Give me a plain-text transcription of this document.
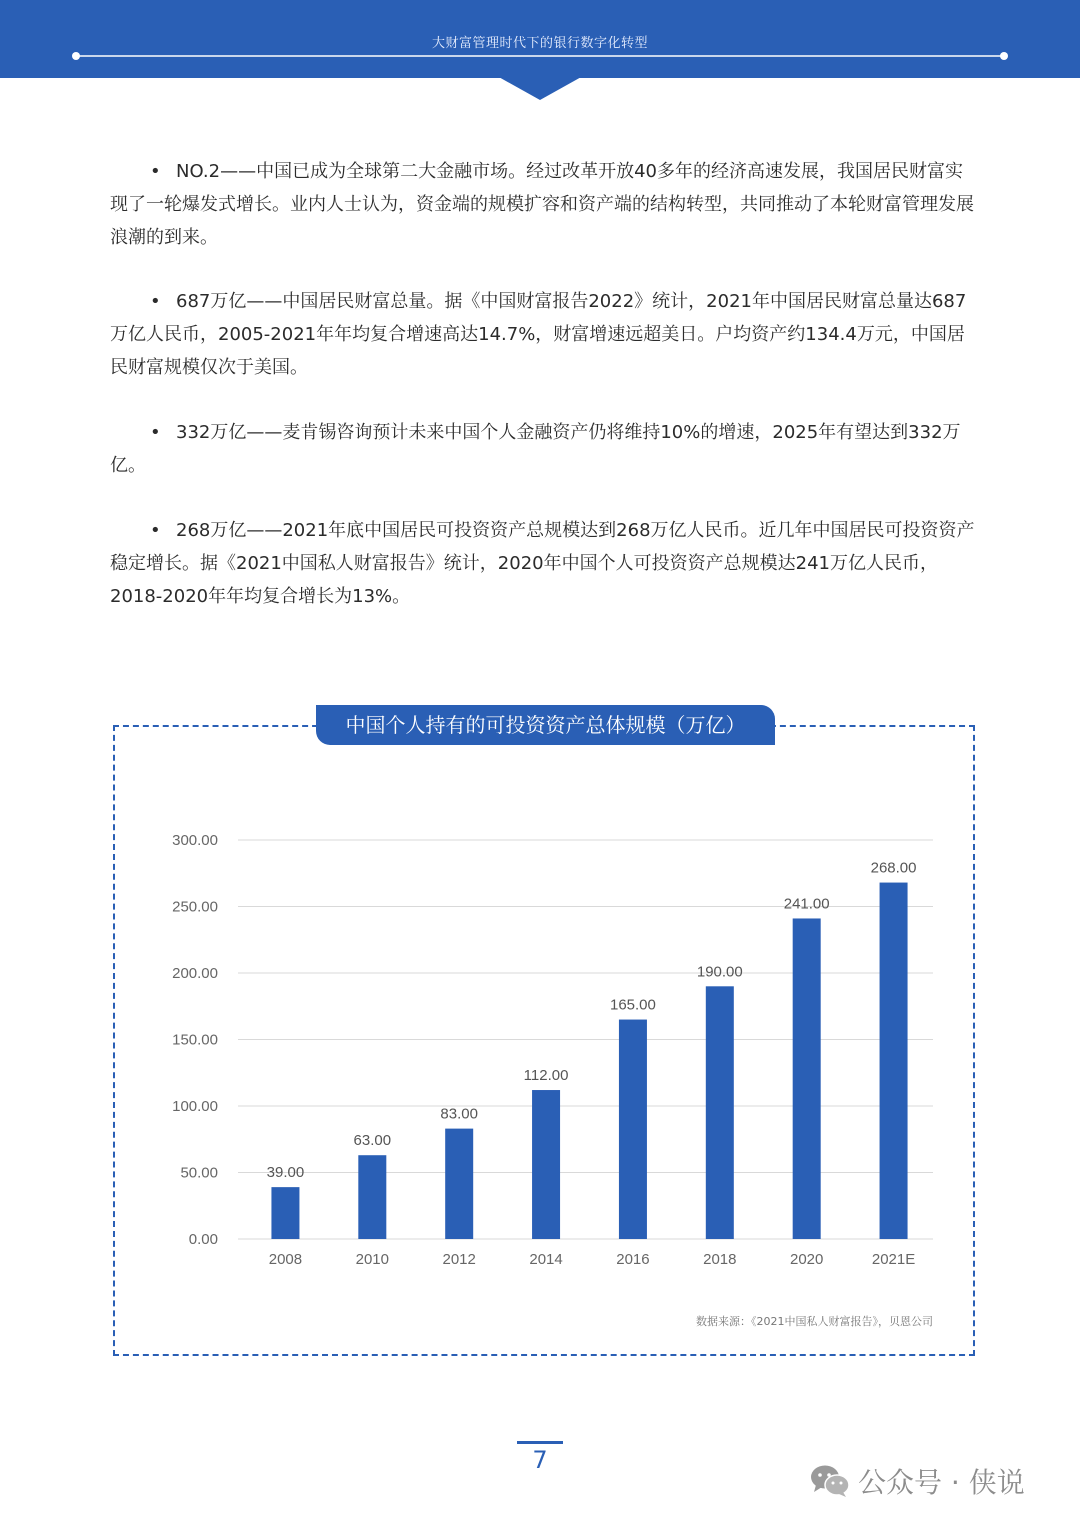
大财富管理时代下的银行数字化转型

• NO.2——中国已成为全球第二大金融市场。经过改革开放40多年的经济高速发展，我国居民财富实现了一轮爆发式增长。业内人士认为，资金端的规模扩容和资产端的结构转型，共同推动了本轮财富管理发展浪潮的到来。

• 687万亿——中国居民财富总量。据《中国财富报告2022》统计，2021年中国居民财富总量达687万亿人民币，2005-2021年年均复合增速高达14.7%，财富增速远超美日。户均资产约134.4万元，中国居民财富规模仅次于美国。

• 332万亿——麦肯锡咨询预计未来中国个人金融资产仍将维持10%的增速，2025年有望达到332万亿。

• 268万亿——2021年底中国居民可投资资产总规模达到268万亿人民币。近几年中国居民可投资资产稳定增长。据《2021中国私人财富报告》统计，2020年中国个人可投资资产总规模达241万亿人民币，2018-2020年年均复合增长为13%。

中国个人持有的可投资资产总体规模（万亿）
0.00
50.00
100.00
150.00
200.00
250.00
300.00
39.00
2008
63.00
2010
83.00
2012
112.00
2014
165.00
2016
190.00
2018
241.00
2020
268.00
2021E
数据来源：《2021中国私人财富报告》，贝恩公司
7
公众号 · 侠说
